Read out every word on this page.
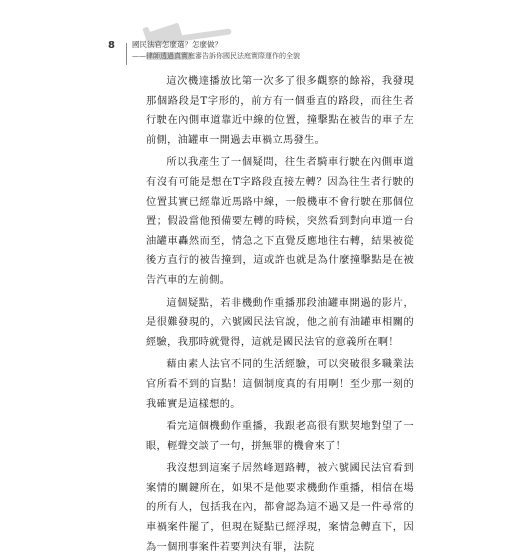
8 國民法官怎麼選？怎麼做？
——律師透過真實庭審告訴你國民法庭實際運作的全貌

這次機達播放比第一次多了很多觀察的餘裕，我發現那個路段是T字形的，前方有一個垂直的路段，而往生者行駛在內側車道靠近中線的位置，撞擊點在被告的車子左前側，油罐車一開過去車禍立馬發生。

所以我產生了一個疑問，往生者騎車行駛在內側車道有沒有可能是想在T字路段直接左轉？因為往生者行駛的位置其實已經靠近馬路中線，一般機車不會行駛在那個位置；假設當他預備要左轉的時候，突然看到對向車道一台油罐車轟然而至，情急之下直覺反應地往右轉，結果被從後方直行的被告撞到，這或許也就是為什麼撞擊點是在被告汽車的左前側。

這個疑點，若非機動作重播那段油罐車開過的影片，是很難發現的，六號國民法官說，他之前有油罐車相關的經驗，我那時就覺得，這就是國民法官的意義所在啊！

藉由素人法官不同的生活經驗，可以突破很多職業法官所看不到的盲點！這個制度真的有用啊！至少那一刻的我確實是這樣想的。

看完這個機動作重播，我跟老高很有默契地對望了一眼，輕聲交談了一句，拼無罪的機會來了！

我沒想到這案子居然峰迴路轉，被六號國民法官看到案情的關鍵所在，如果不是他要求機動作重播，相信在場的所有人，包括我在內，都會認為這不過又是一件尋常的車禍案件罷了，但現在疑點已經浮現，案情急轉直下，因為一個刑事案件若要判決有罪，法院
